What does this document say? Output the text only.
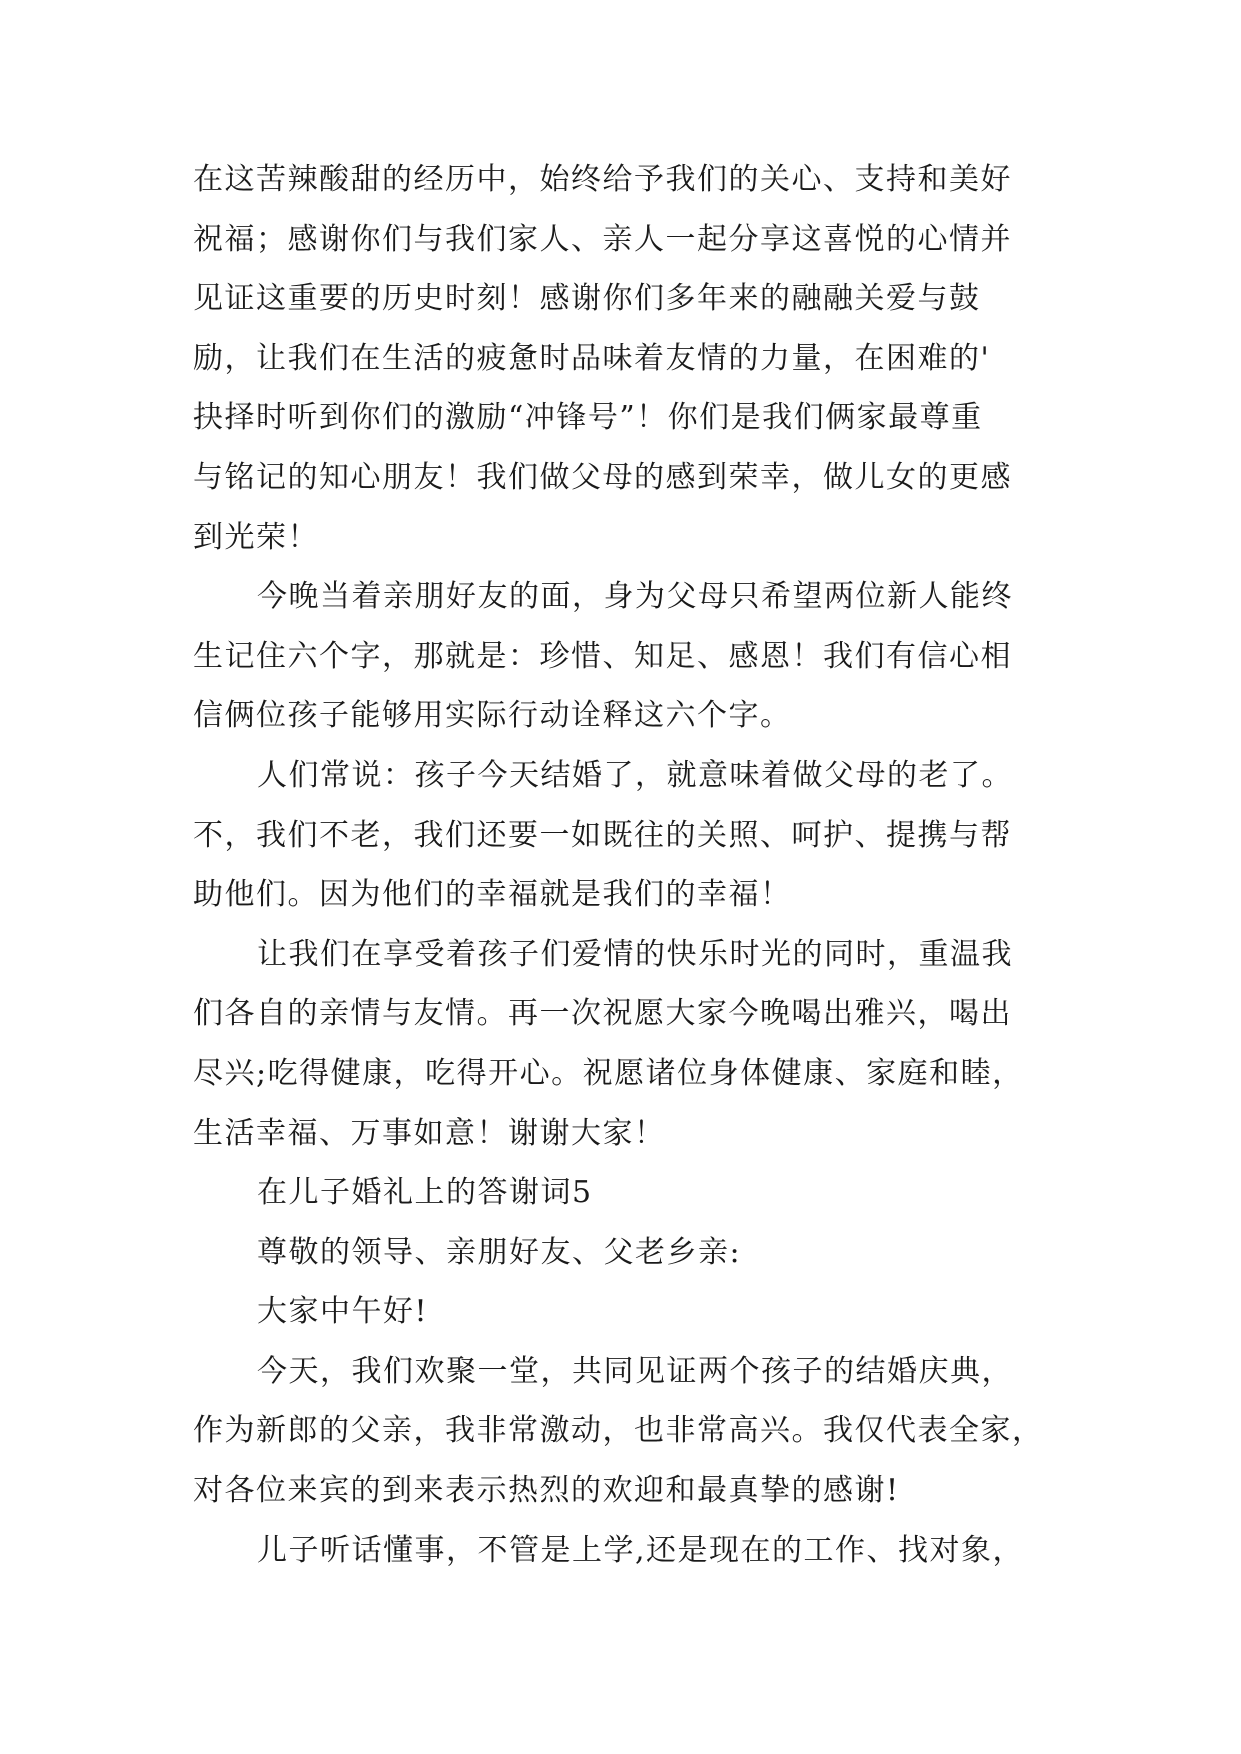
在这苦辣酸甜的经历中，始终给予我们的关心、支持和美好
祝福；感谢你们与我们家人、亲人一起分享这喜悦的心情并
见证这重要的历史时刻！感谢你们多年来的融融关爱与鼓
励，让我们在生活的疲惫时品味着友情的力量，在困难的'
抉择时听到你们的激励“冲锋号”！你们是我们俩家最尊重
与铭记的知心朋友！我们做父母的感到荣幸，做儿女的更感
到光荣！
今晚当着亲朋好友的面，身为父母只希望两位新人能终
生记住六个字，那就是：珍惜、知足、感恩！我们有信心相
信俩位孩子能够用实际行动诠释这六个字。
人们常说：孩子今天结婚了，就意味着做父母的老了。
不，我们不老，我们还要一如既往的关照、呵护、提携与帮
助他们。因为他们的幸福就是我们的幸福！
让我们在享受着孩子们爱情的快乐时光的同时，重温我
们各自的亲情与友情。再一次祝愿大家今晚喝出雅兴，喝出
尽兴;吃得健康，吃得开心。祝愿诸位身体健康、家庭和睦，
生活幸福、万事如意！谢谢大家！
在儿子婚礼上的答谢词5
尊敬的领导、亲朋好友、父老乡亲:
大家中午好!
今天，我们欢聚一堂，共同见证两个孩子的结婚庆典，
作为新郎的父亲，我非常激动，也非常高兴。我仅代表全家，
对各位来宾的到来表示热烈的欢迎和最真挚的感谢!
儿子听话懂事，不管是上学,还是现在的工作、找对象，
